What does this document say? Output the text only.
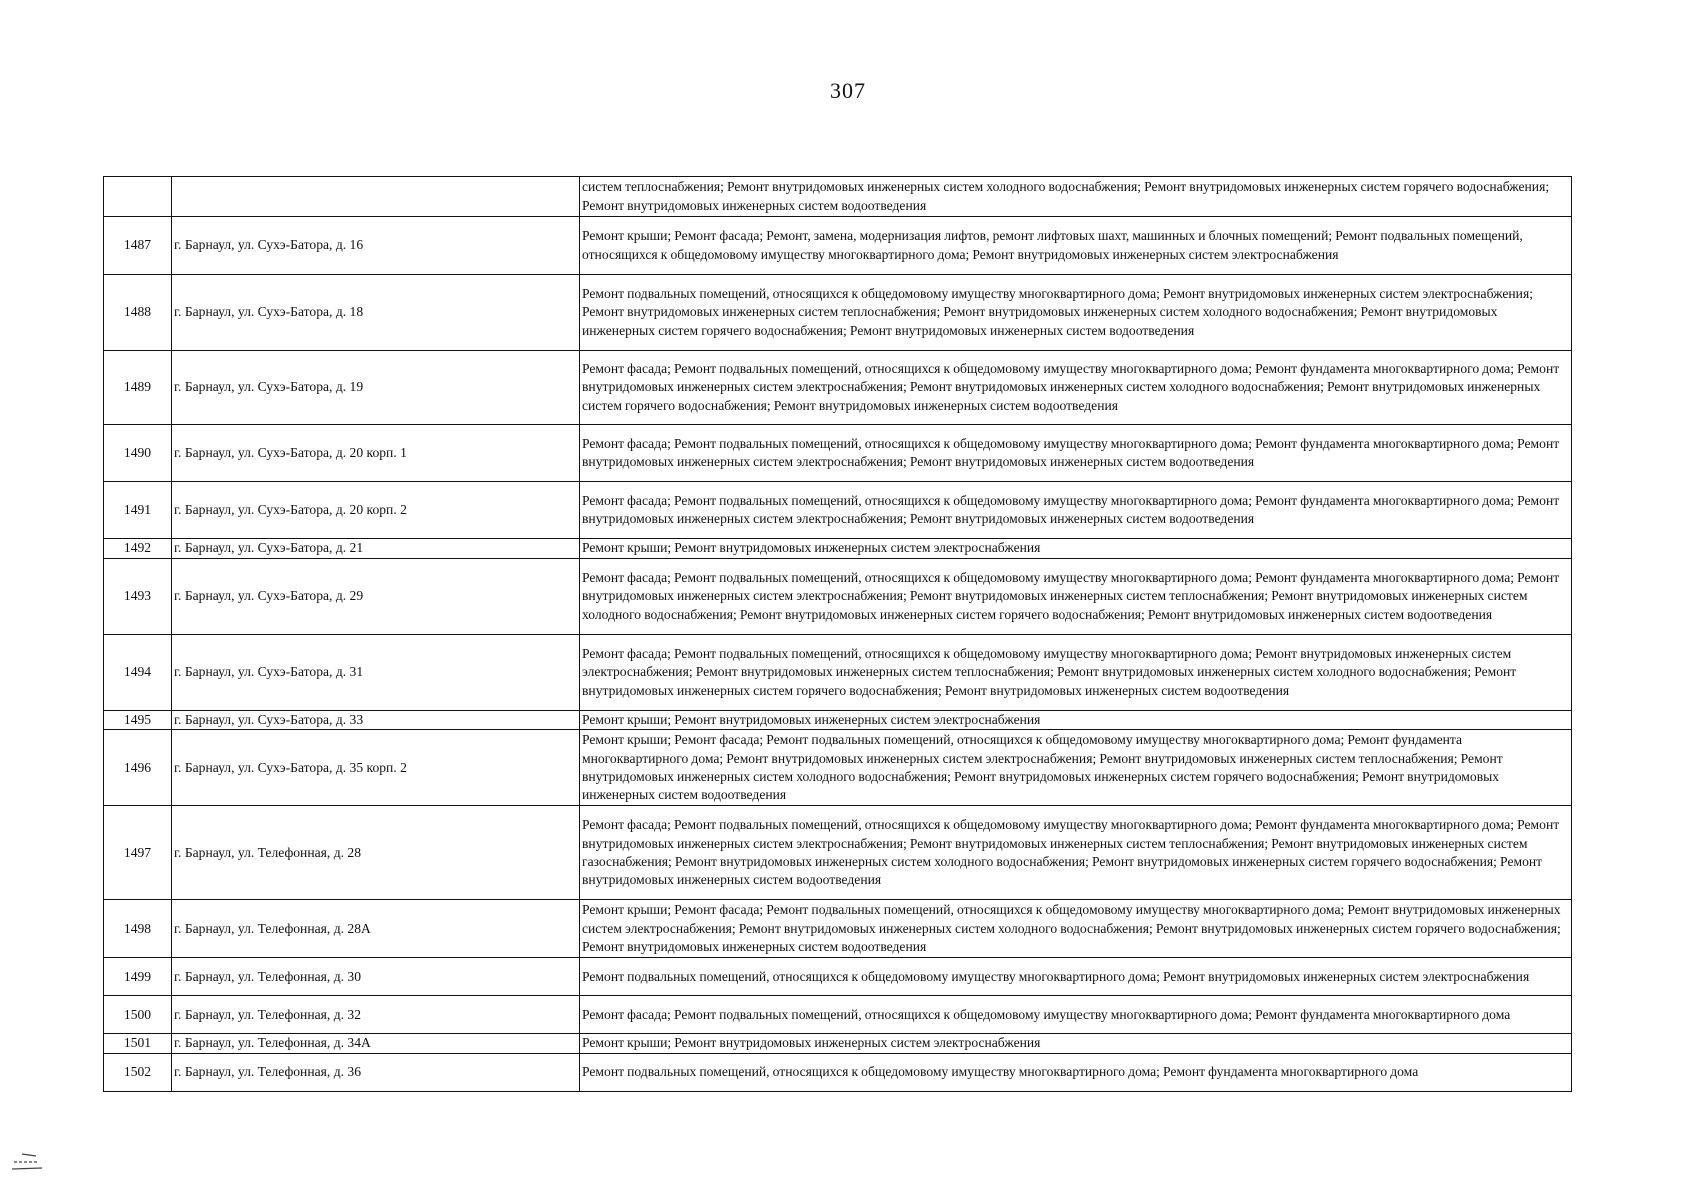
307
		систем теплоснабжения; Ремонт внутридомовых инженерных систем холодного водоснабжения; Ремонт внутридомовых инженерных систем горячего водоснабжения; Ремонт внутридомовых инженерных систем водоотведения
1487	г. Барнаул, ул. Сухэ-Батора, д. 16	Ремонт крыши; Ремонт фасада; Ремонт, замена, модернизация лифтов, ремонт лифтовых шахт, машинных и блочных помещений; Ремонт подвальных помещений, относящихся к общедомовому имуществу многоквартирного дома; Ремонт внутридомовых инженерных систем электроснабжения
1488	г. Барнаул, ул. Сухэ-Батора, д. 18	Ремонт подвальных помещений, относящихся к общедомовому имуществу многоквартирного дома; Ремонт внутридомовых инженерных систем электроснабжения; Ремонт внутридомовых инженерных систем теплоснабжения; Ремонт внутридомовых инженерных систем холодного водоснабжения; Ремонт внутридомовых инженерных систем горячего водоснабжения; Ремонт внутридомовых инженерных систем водоотведения
1489	г. Барнаул, ул. Сухэ-Батора, д. 19	Ремонт фасада; Ремонт подвальных помещений, относящихся к общедомовому имуществу многоквартирного дома; Ремонт фундамента многоквартирного дома; Ремонт внутридомовых инженерных систем электроснабжения; Ремонт внутридомовых инженерных систем холодного водоснабжения; Ремонт внутридомовых инженерных систем горячего водоснабжения; Ремонт внутридомовых инженерных систем водоотведения
1490	г. Барнаул, ул. Сухэ-Батора, д. 20 корп. 1	Ремонт фасада; Ремонт подвальных помещений, относящихся к общедомовому имуществу многоквартирного дома; Ремонт фундамента многоквартирного дома; Ремонт внутридомовых инженерных систем электроснабжения; Ремонт внутридомовых инженерных систем водоотведения
1491	г. Барнаул, ул. Сухэ-Батора, д. 20 корп. 2	Ремонт фасада; Ремонт подвальных помещений, относящихся к общедомовому имуществу многоквартирного дома; Ремонт фундамента многоквартирного дома; Ремонт внутридомовых инженерных систем электроснабжения; Ремонт внутридомовых инженерных систем водоотведения
1492	г. Барнаул, ул. Сухэ-Батора, д. 21	Ремонт крыши; Ремонт внутридомовых инженерных систем электроснабжения
1493	г. Барнаул, ул. Сухэ-Батора, д. 29	Ремонт фасада; Ремонт подвальных помещений, относящихся к общедомовому имуществу многоквартирного дома; Ремонт фундамента многоквартирного дома; Ремонт внутридомовых инженерных систем электроснабжения; Ремонт внутридомовых инженерных систем теплоснабжения; Ремонт внутридомовых инженерных систем холодного водоснабжения; Ремонт внутридомовых инженерных систем горячего водоснабжения; Ремонт внутридомовых инженерных систем водоотведения
1494	г. Барнаул, ул. Сухэ-Батора, д. 31	Ремонт фасада; Ремонт подвальных помещений, относящихся к общедомовому имуществу многоквартирного дома; Ремонт внутридомовых инженерных систем электроснабжения; Ремонт внутридомовых инженерных систем теплоснабжения; Ремонт внутридомовых инженерных систем холодного водоснабжения; Ремонт внутридомовых инженерных систем горячего водоснабжения; Ремонт внутридомовых инженерных систем водоотведения
1495	г. Барнаул, ул. Сухэ-Батора, д. 33	Ремонт крыши; Ремонт внутридомовых инженерных систем электроснабжения
1496	г. Барнаул, ул. Сухэ-Батора, д. 35 корп. 2	Ремонт крыши; Ремонт фасада; Ремонт подвальных помещений, относящихся к общедомовому имуществу многоквартирного дома; Ремонт фундамента многоквартирного дома; Ремонт внутридомовых инженерных систем электроснабжения; Ремонт внутридомовых инженерных систем теплоснабжения; Ремонт внутридомовых инженерных систем холодного водоснабжения; Ремонт внутридомовых инженерных систем горячего водоснабжения; Ремонт внутридомовых инженерных систем водоотведения
1497	г. Барнаул, ул. Телефонная, д. 28	Ремонт фасада; Ремонт подвальных помещений, относящихся к общедомовому имуществу многоквартирного дома; Ремонт фундамента многоквартирного дома; Ремонт внутридомовых инженерных систем электроснабжения; Ремонт внутридомовых инженерных систем теплоснабжения; Ремонт внутридомовых инженерных систем газоснабжения; Ремонт внутридомовых инженерных систем холодного водоснабжения; Ремонт внутридомовых инженерных систем горячего водоснабжения; Ремонт внутридомовых инженерных систем водоотведения
1498	г. Барнаул, ул. Телефонная, д. 28А	Ремонт крыши; Ремонт фасада; Ремонт подвальных помещений, относящихся к общедомовому имуществу многоквартирного дома; Ремонт внутридомовых инженерных систем электроснабжения; Ремонт внутридомовых инженерных систем холодного водоснабжения; Ремонт внутридомовых инженерных систем горячего водоснабжения; Ремонт внутридомовых инженерных систем водоотведения
1499	г. Барнаул, ул. Телефонная, д. 30	Ремонт подвальных помещений, относящихся к общедомовому имуществу многоквартирного дома; Ремонт внутридомовых инженерных систем электроснабжения
1500	г. Барнаул, ул. Телефонная, д. 32	Ремонт фасада; Ремонт подвальных помещений, относящихся к общедомовому имуществу многоквартирного дома; Ремонт фундамента многоквартирного дома
1501	г. Барнаул, ул. Телефонная, д. 34А	Ремонт крыши; Ремонт внутридомовых инженерных систем электроснабжения
1502	г. Барнаул, ул. Телефонная, д. 36	Ремонт подвальных помещений, относящихся к общедомовому имуществу многоквартирного дома; Ремонт фундамента многоквартирного дома
